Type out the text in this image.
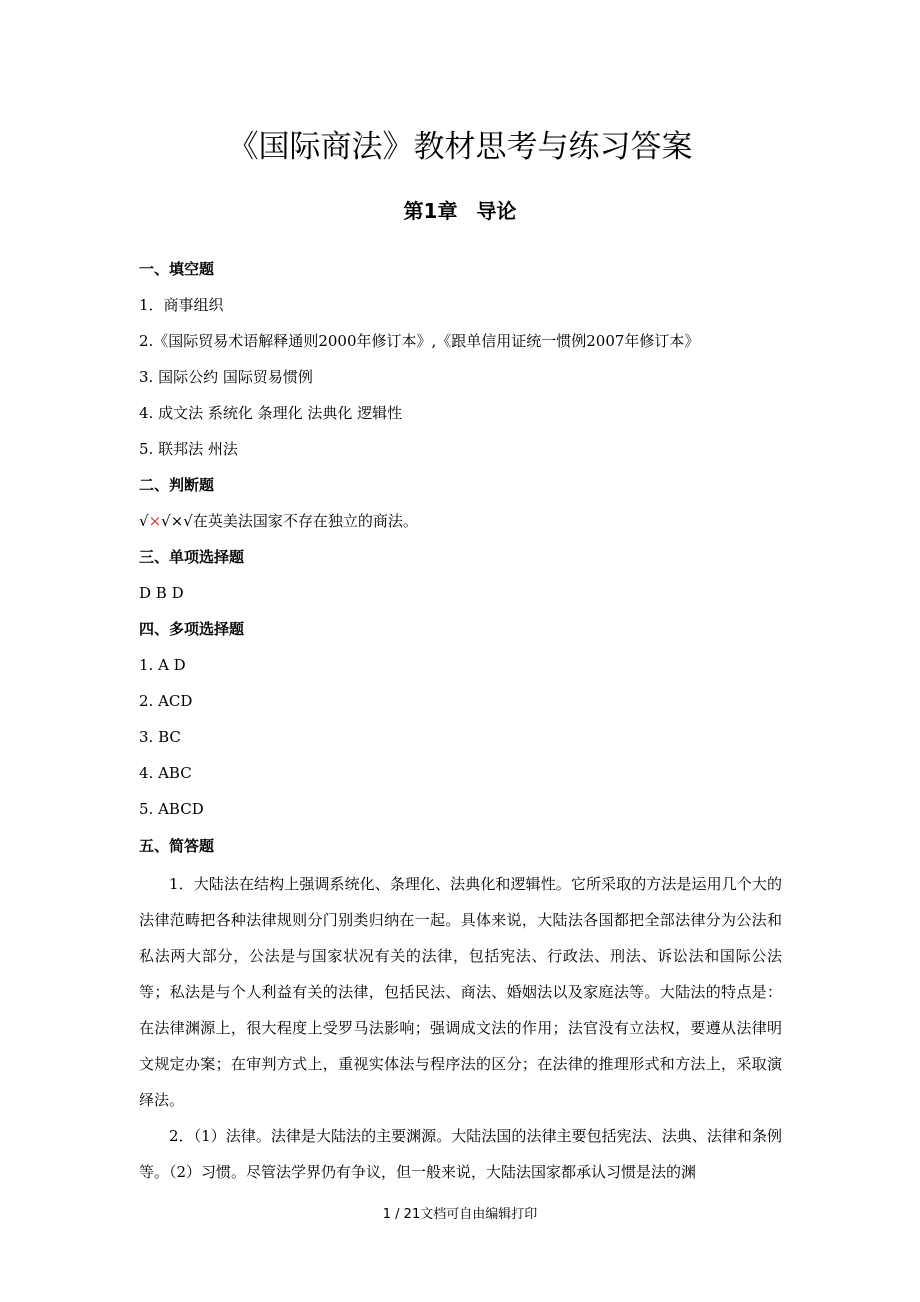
《国际商法》教材思考与练习答案
第1章 导论
一、填空题
1．商事组织
2.《国际贸易术语解释通则2000年修订本》,《跟单信用证统一惯例2007年修订本》
3. 国际公约 国际贸易惯例
4. 成文法 系统化 条理化 法典化 逻辑性
5. 联邦法 州法
二、判断题
√×√×√在英美法国家不存在独立的商法。
三、单项选择题
D B D
四、多项选择题
1. A D
2. ACD
3. BC
4. ABC
5. ABCD
五、简答题
1．大陆法在结构上强调系统化、条理化、法典化和逻辑性。它所采取的方法是运用几个大的法律范畴把各种法律规则分门别类归纳在一起。具体来说，大陆法各国都把全部法律分为公法和私法两大部分，公法是与国家状况有关的法律，包括宪法、行政法、刑法、诉讼法和国际公法等；私法是与个人利益有关的法律，包括民法、商法、婚姻法以及家庭法等。大陆法的特点是：在法律渊源上，很大程度上受罗马法影响；强调成文法的作用；法官没有立法权，要遵从法律明文规定办案；在审判方式上，重视实体法与程序法的区分；在法律的推理形式和方法上，采取演绎法。
2．（1）法律。法律是大陆法的主要渊源。大陆法国的法律主要包括宪法、法典、法律和条例等。（2）习惯。尽管法学界仍有争议，但一般来说，大陆法国家都承认习惯是法的渊
1 / 21文档可自由编辑打印
